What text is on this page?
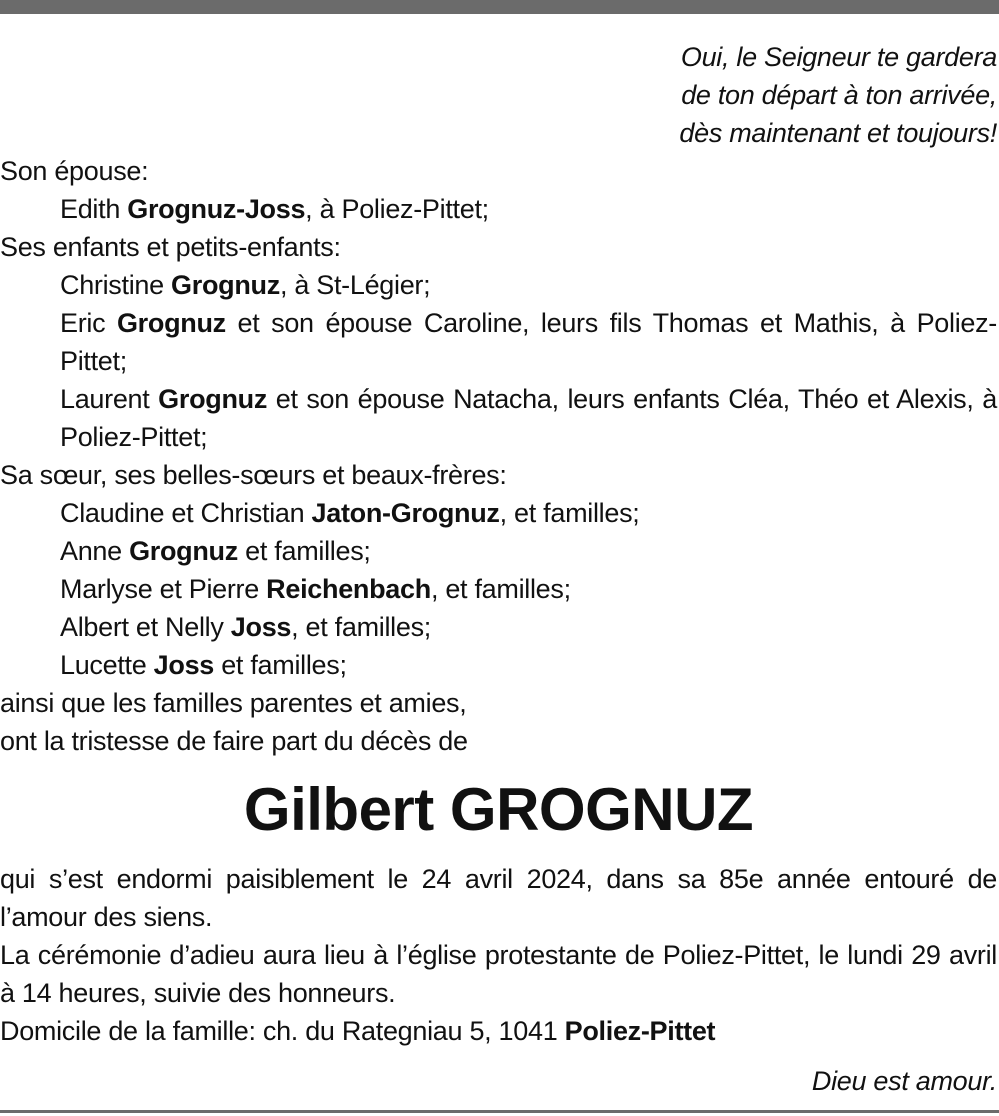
Oui, le Seigneur te gardera
de ton départ à ton arrivée,
dès maintenant et toujours!
Son épouse:
Edith Grognuz-Joss, à Poliez-Pittet;
Ses enfants et petits-enfants:
Christine Grognuz, à St-Légier;
Eric Grognuz et son épouse Caroline, leurs fils Thomas et Mathis, à Poliez-Pittet;
Laurent Grognuz et son épouse Natacha, leurs enfants Cléa, Théo et Alexis, à Poliez-Pittet;
Sa sœur, ses belles-sœurs et beaux-frères:
Claudine et Christian Jaton-Grognuz, et familles;
Anne Grognuz et familles;
Marlyse et Pierre Reichenbach, et familles;
Albert et Nelly Joss, et familles;
Lucette Joss et familles;
ainsi que les familles parentes et amies,
ont la tristesse de faire part du décès de
Gilbert GROGNUZ
qui s’est endormi paisiblement le 24 avril 2024, dans sa 85e année entouré de l’amour des siens.
La cérémonie d’adieu aura lieu à l’église protestante de Poliez-Pittet, le lundi 29 avril à 14 heures, suivie des honneurs.
Domicile de la famille: ch. du Rategniau 5, 1041 Poliez-Pittet
Dieu est amour.
